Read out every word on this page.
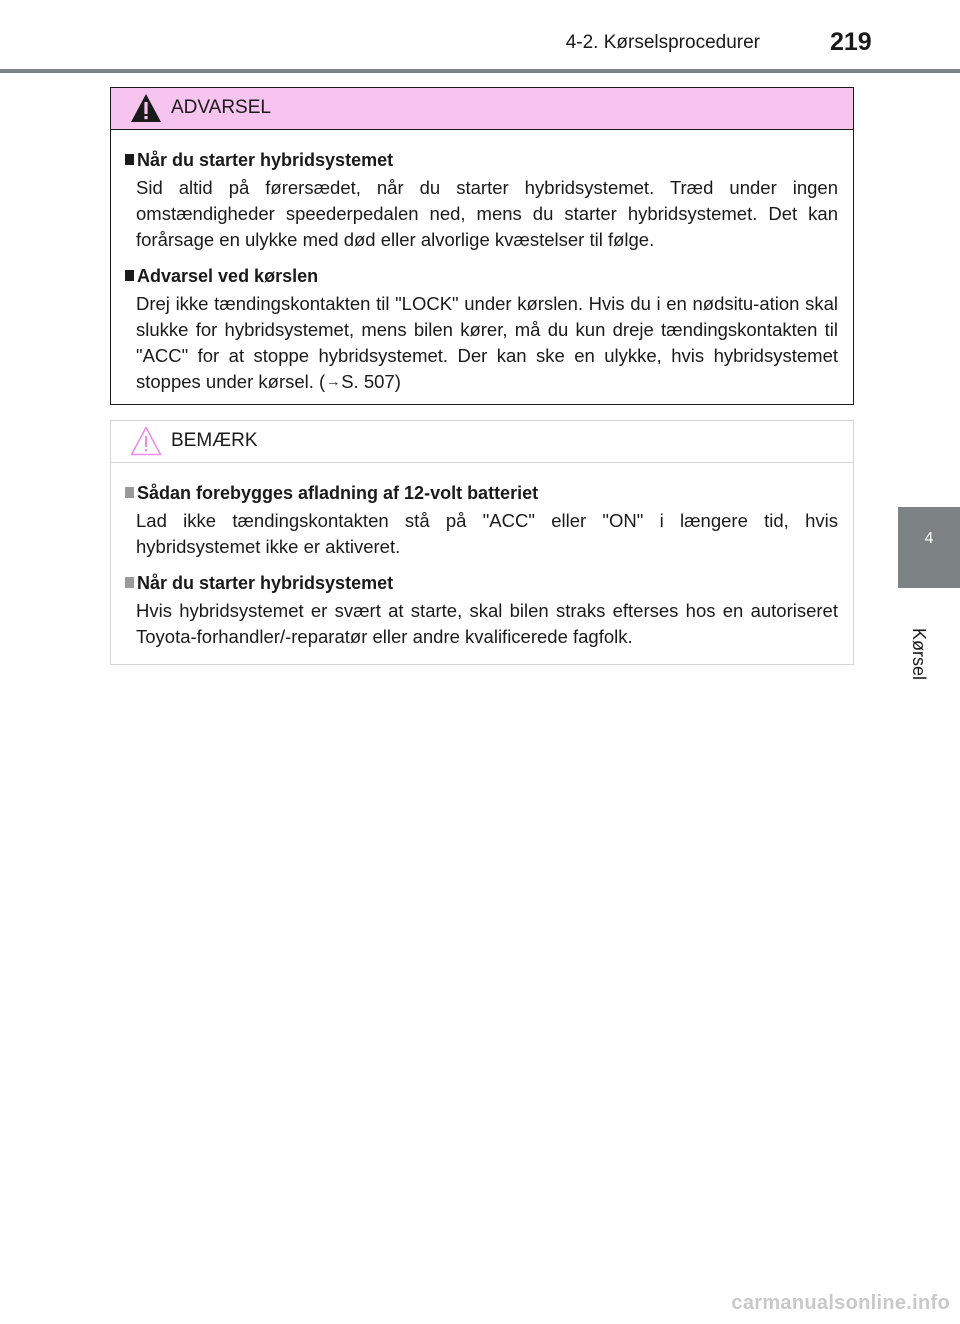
4-2. Kørselsprocedurer	219
4
Kørsel
ADVARSEL
Når du starter hybridsystemet
Sid altid på førersædet, når du starter hybridsystemet. Træd under ingen omstændigheder speederpedalen ned, mens du starter hybridsystemet. Det kan forårsage en ulykke med død eller alvorlige kvæstelser til følge.
Advarsel ved kørslen
Drej ikke tændingskontakten til "LOCK" under kørslen. Hvis du i en nødsitu-ation skal slukke for hybridsystemet, mens bilen kører, må du kun dreje tændingskontakten til "ACC" for at stoppe hybridsystemet. Der kan ske en ulykke, hvis hybridsystemet stoppes under kørsel. (→S. 507)
BEMÆRK
Sådan forebygges afladning af 12-volt batteriet
Lad ikke tændingskontakten stå på "ACC" eller "ON" i længere tid, hvis hybridsystemet ikke er aktiveret.
Når du starter hybridsystemet
Hvis hybridsystemet er svært at starte, skal bilen straks efterses hos en autoriseret Toyota-forhandler/-reparatør eller andre kvalificerede fagfolk.
carmanualsonline.info
